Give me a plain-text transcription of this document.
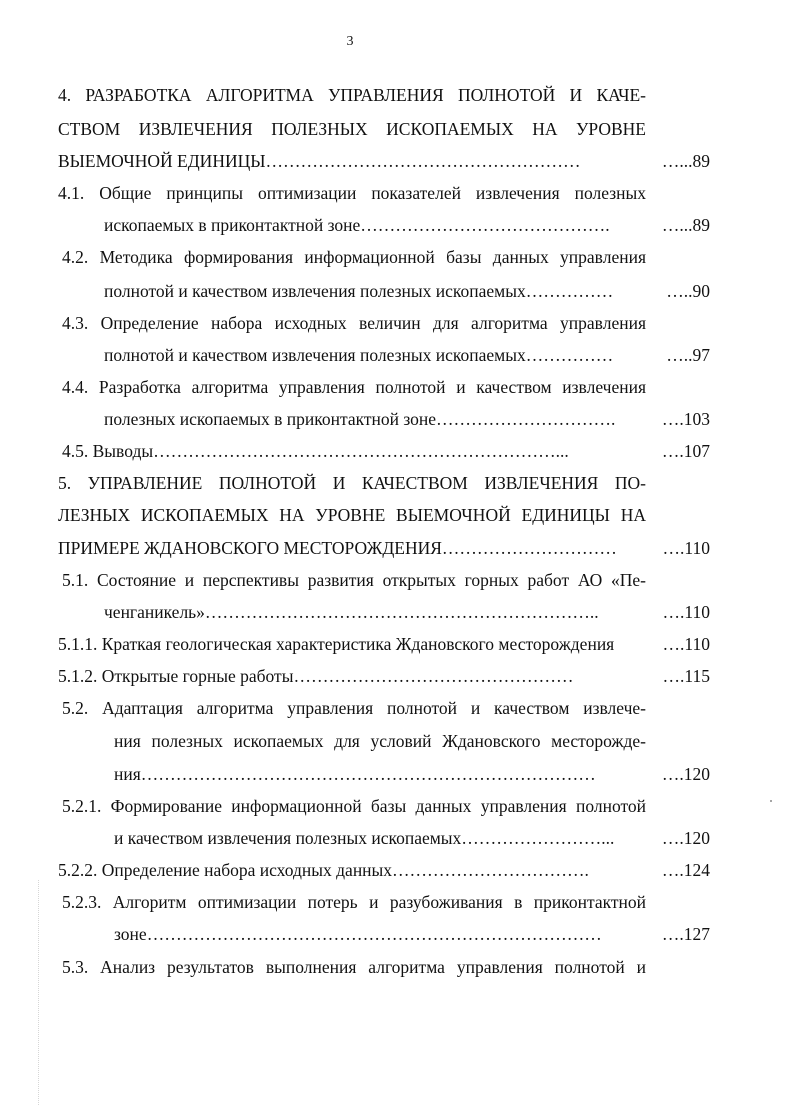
3
4. РАЗРАБОТКА АЛГОРИТМА УПРАВЛЕНИЯ ПОЛНОТОЙ И КАЧЕ-
СТВОМ ИЗВЛЕЧЕНИЯ ПОЛЕЗНЫХ ИСКОПАЕМЫХ НА УРОВНЕ
ВЫЕМОЧНОЙ ЕДИНИЦЫ………………………………………………	…...89
4.1. Общие принципы оптимизации показателей извлечения полезных
ископаемых в приконтактной зоне…………………………………….	…...89
4.2. Методика формирования информационной базы данных управления
полнотой и качеством извлечения полезных ископаемых……………	…..90
4.3. Определение набора исходных величин для алгоритма управления
полнотой и качеством извлечения полезных ископаемых……………	…..97
4.4. Разработка алгоритма управления полнотой и качеством извлечения
полезных ископаемых в приконтактной зоне………………………….	….103
4.5. Выводы……………………………………………………………...	….107
5. УПРАВЛЕНИЕ ПОЛНОТОЙ И КАЧЕСТВОМ ИЗВЛЕЧЕНИЯ ПО-
ЛЕЗНЫХ ИСКОПАЕМЫХ НА УРОВНЕ ВЫЕМОЧНОЙ ЕДИНИЦЫ НА
ПРИМЕРЕ ЖДАНОВСКОГО МЕСТОРОЖДЕНИЯ…………………………	….110
5.1. Состояние и перспективы развития открытых горных работ АО «Пе-
ченганикель»…………………………………………………………..	….110
5.1.1. Краткая геологическая характеристика Ждановского месторождения	….110
5.1.2. Открытые горные работы…………………………………………	….115
5.2. Адаптация алгоритма управления полнотой и качеством извлече-
ния полезных ископаемых для условий Ждановского месторожде-
ния……………………………………………………………………	….120
5.2.1. Формирование информационной базы данных управления полнотой
и качеством извлечения полезных ископаемых……………………...	….120
5.2.2. Определение набора исходных данных…………………………….	….124
5.2.3. Алгоритм оптимизации потерь и разубоживания в приконтактной
зоне……………………………………………………………………	….127
5.3. Анализ результатов выполнения алгоритма управления полнотой и
